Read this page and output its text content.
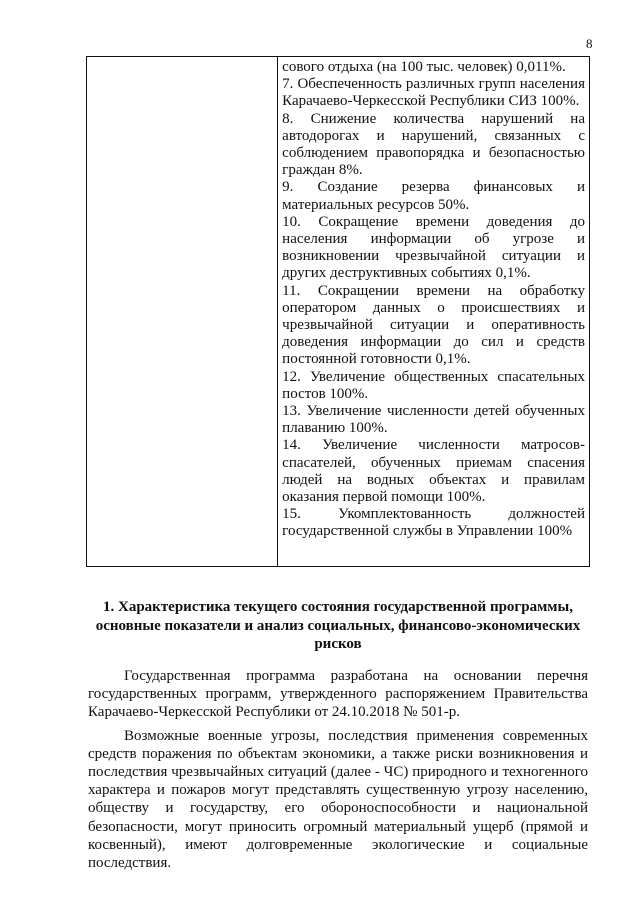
8

сового отдыха (на 100 тыс. человек) 0,011%.

7. Обеспеченность различных групп населения Карачаево-Черкесской Республики СИЗ 100%.

8. Снижение количества нарушений на автодорогах и нарушений, связанных с соблюдением правопорядка и безопасностью граждан 8%.

9. Создание резерва финансовых и материальных ресурсов 50%.

10. Сокращение времени доведения до населения информации об угрозе и возникновении чрезвычайной ситуации и других деструктивных событиях 0,1%.

11. Сокращении времени на обработку оператором данных о происшествиях и чрезвычайной ситуации и оперативность доведения информации до сил и средств постоянной готовности 0,1%.

12. Увеличение общественных спасательных постов 100%.

13. Увеличение численности детей обученных плаванию 100%.

14. Увеличение численности матросов-спасателей, обученных приемам спасения людей на водных объектах и правилам оказания первой помощи 100%.

15. Укомплектованность должностей государственной службы в Управлении 100%

1. Характеристика текущего состояния государственной программы, основные показатели и анализ социальных, финансово-экономических рисков

Государственная программа разработана на основании перечня государственных программ, утвержденного распоряжением Правительства Карачаево-Черкесской Республики от 24.10.2018 № 501-р.

Возможные военные угрозы, последствия применения современных средств поражения по объектам экономики, а также риски возникновения и последствия чрезвычайных ситуаций (далее - ЧС) природного и техногенного характера и пожаров могут представлять существенную угрозу населению, обществу и государству, его обороноспособности и национальной безопасности, могут приносить огромный материальный ущерб (прямой и косвенный), имеют долговременные экологические и социальные последствия.
